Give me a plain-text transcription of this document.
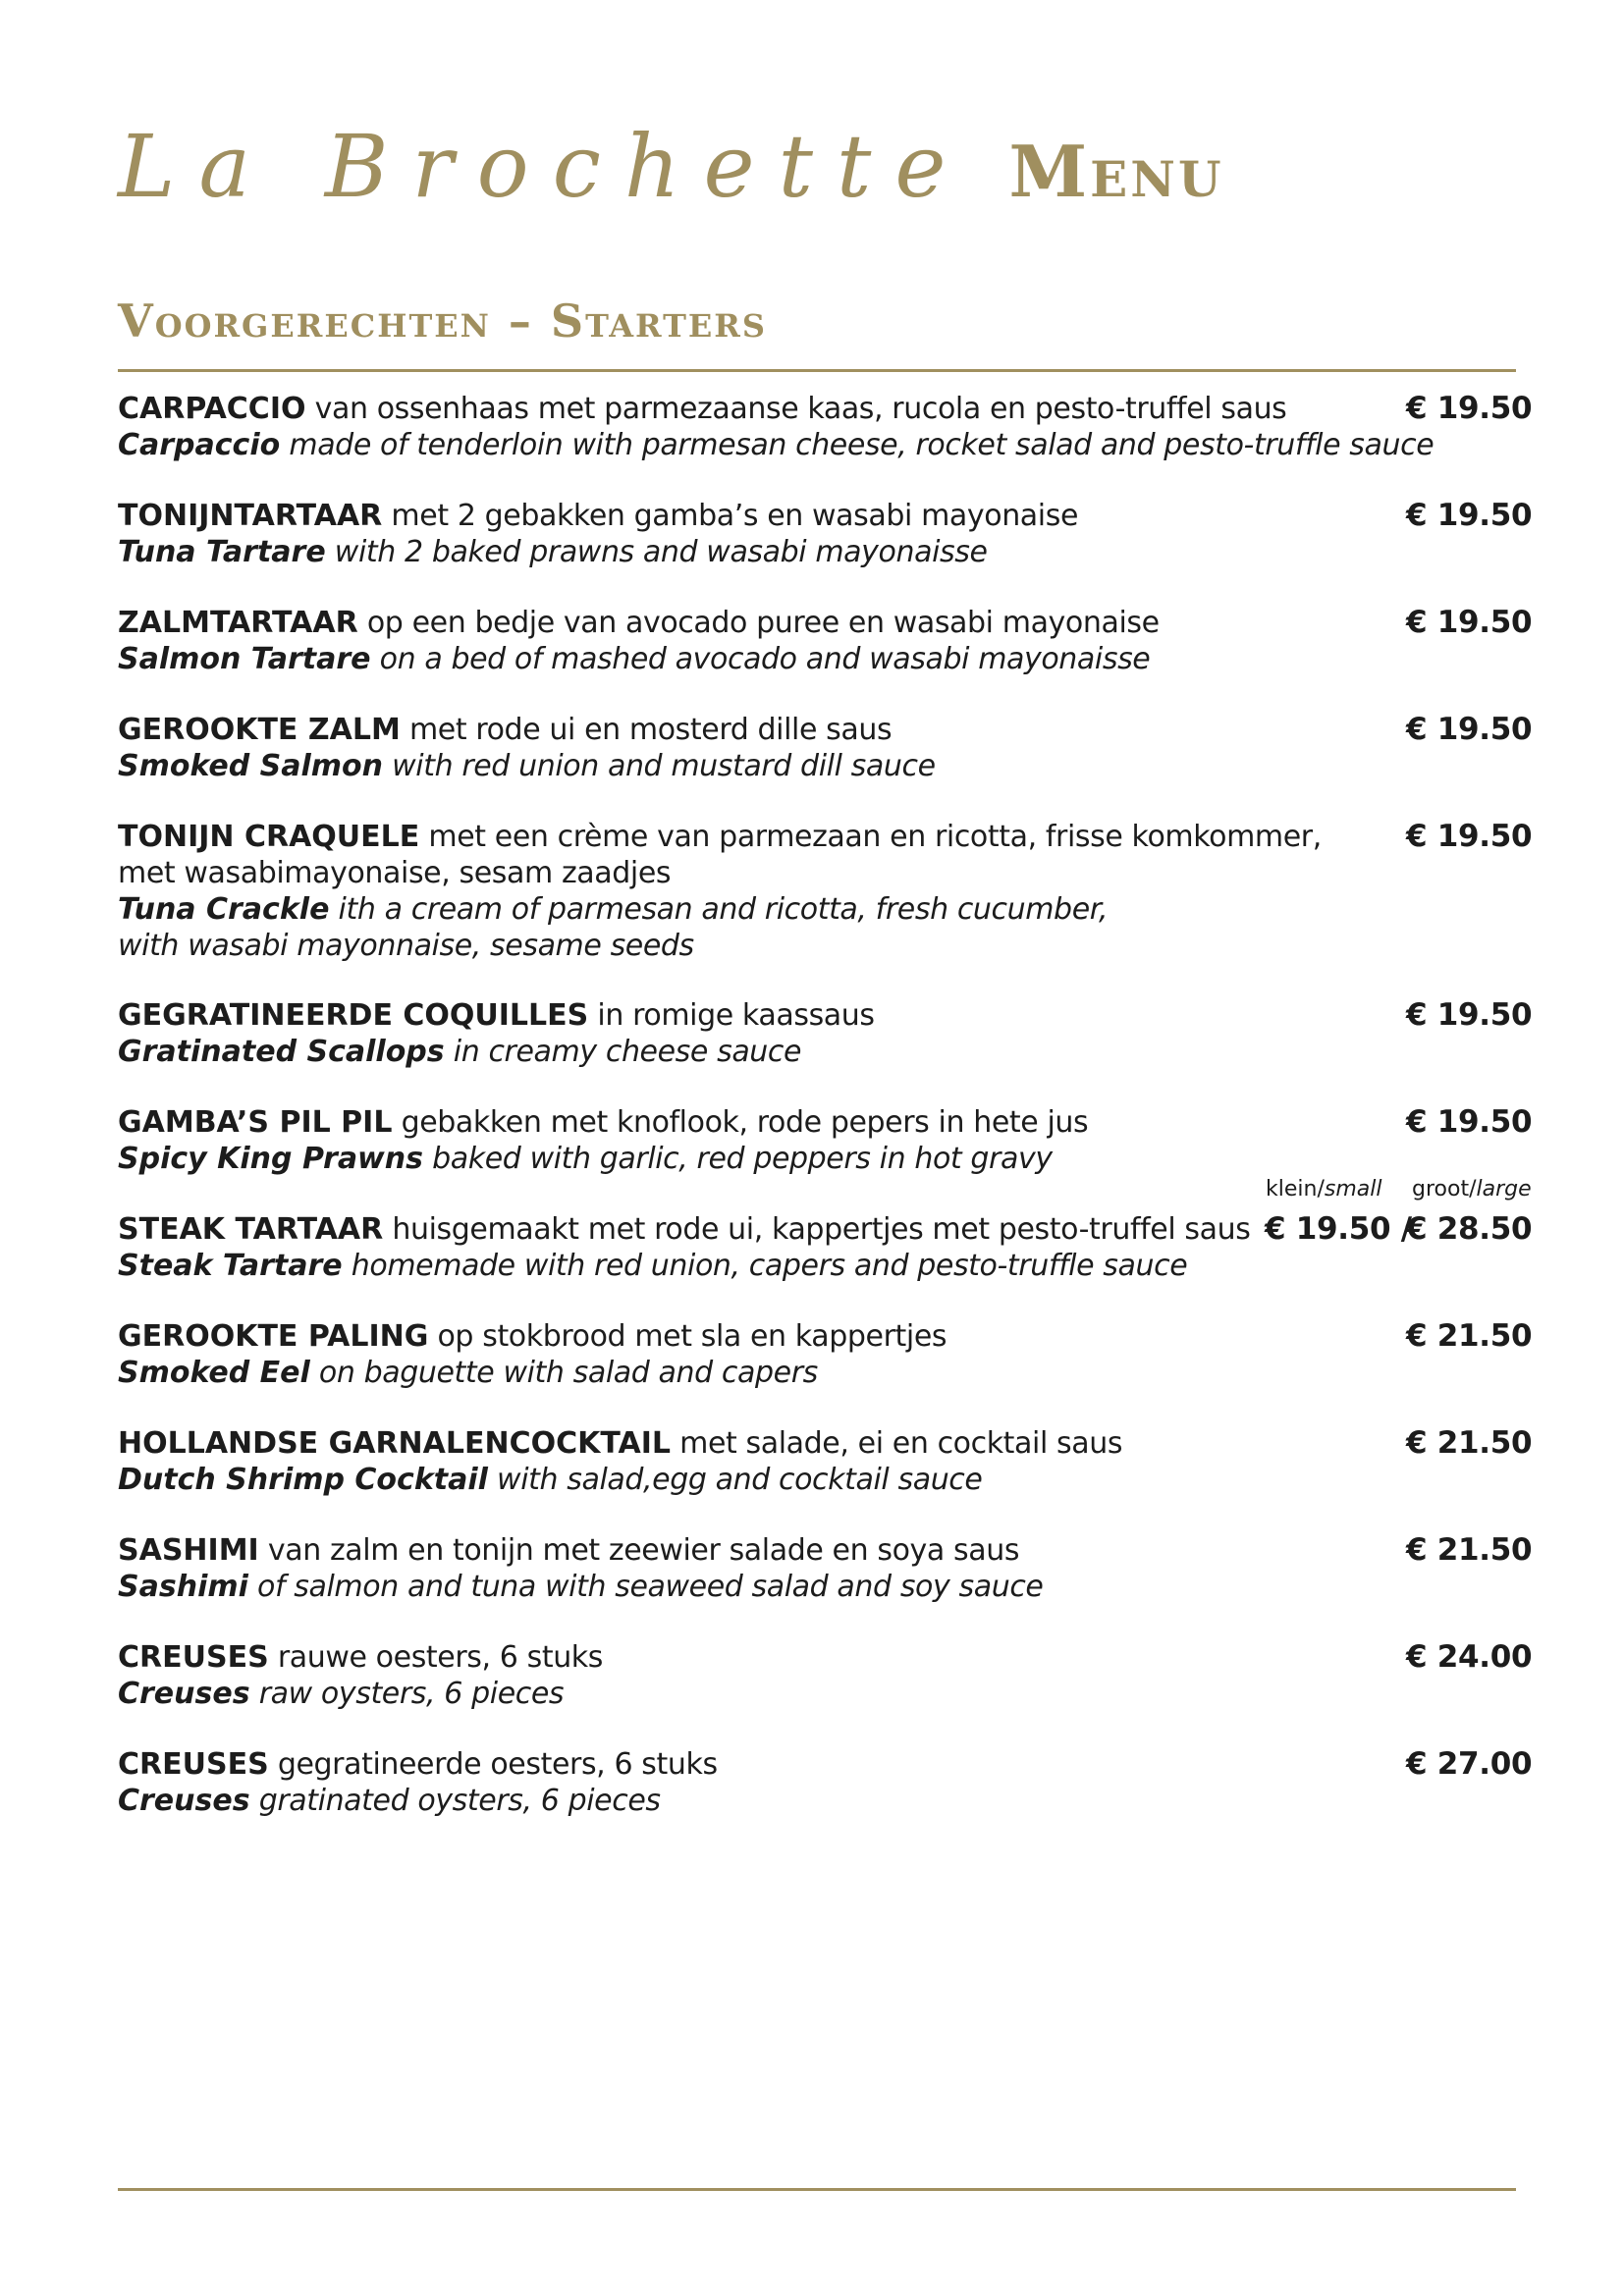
La Brochette Menu
Voorgerechten – Starters
CARPACCIO van ossenhaas met parmezaanse kaas, rucola en pesto-truffel saus
Carpaccio made of tenderloin with parmesan cheese, rocket salad and pesto-truffle sauce
€ 19.50
TONIJNTARTAAR met 2 gebakken gamba’s en wasabi mayonaise
Tuna Tartare with 2 baked prawns and wasabi mayonaisse
€ 19.50
ZALMTARTAAR op een bedje van avocado puree en wasabi mayonaise
Salmon Tartare on a bed of mashed avocado and wasabi mayonaisse
€ 19.50
GEROOKTE ZALM met rode ui en mosterd dille saus
Smoked Salmon with red union and mustard dill sauce
€ 19.50
TONIJN CRAQUELE met een crème van parmezaan en ricotta, frisse komkommer,
met wasabimayonaise, sesam zaadjes
Tuna Crackle ith a cream of parmesan and ricotta, fresh cucumber,
with wasabi mayonnaise, sesame seeds
€ 19.50
GEGRATINEERDE COQUILLES in romige kaassaus
Gratinated Scallops in creamy cheese sauce
€ 19.50
GAMBA’S PIL PIL gebakken met knoflook, rode pepers in hete jus
Spicy King Prawns baked with garlic, red peppers in hot gravy
€ 19.50
klein/small groot/large
STEAK TARTAAR huisgemaakt met rode ui, kappertjes met pesto-truffel saus
Steak Tartare homemade with red union, capers and pesto-truffle sauce
€ 19.50 /
€ 28.50
GEROOKTE PALING op stokbrood met sla en kappertjes
Smoked Eel on baguette with salad and capers
€ 21.50
HOLLANDSE GARNALENCOCKTAIL met salade, ei en cocktail saus
Dutch Shrimp Cocktail with salad,egg and cocktail sauce
€ 21.50
SASHIMI van zalm en tonijn met zeewier salade en soya saus
Sashimi of salmon and tuna with seaweed salad and soy sauce
€ 21.50
CREUSES rauwe oesters, 6 stuks
Creuses raw oysters, 6 pieces
€ 24.00
CREUSES gegratineerde oesters, 6 stuks
Creuses gratinated oysters, 6 pieces
€ 27.00
